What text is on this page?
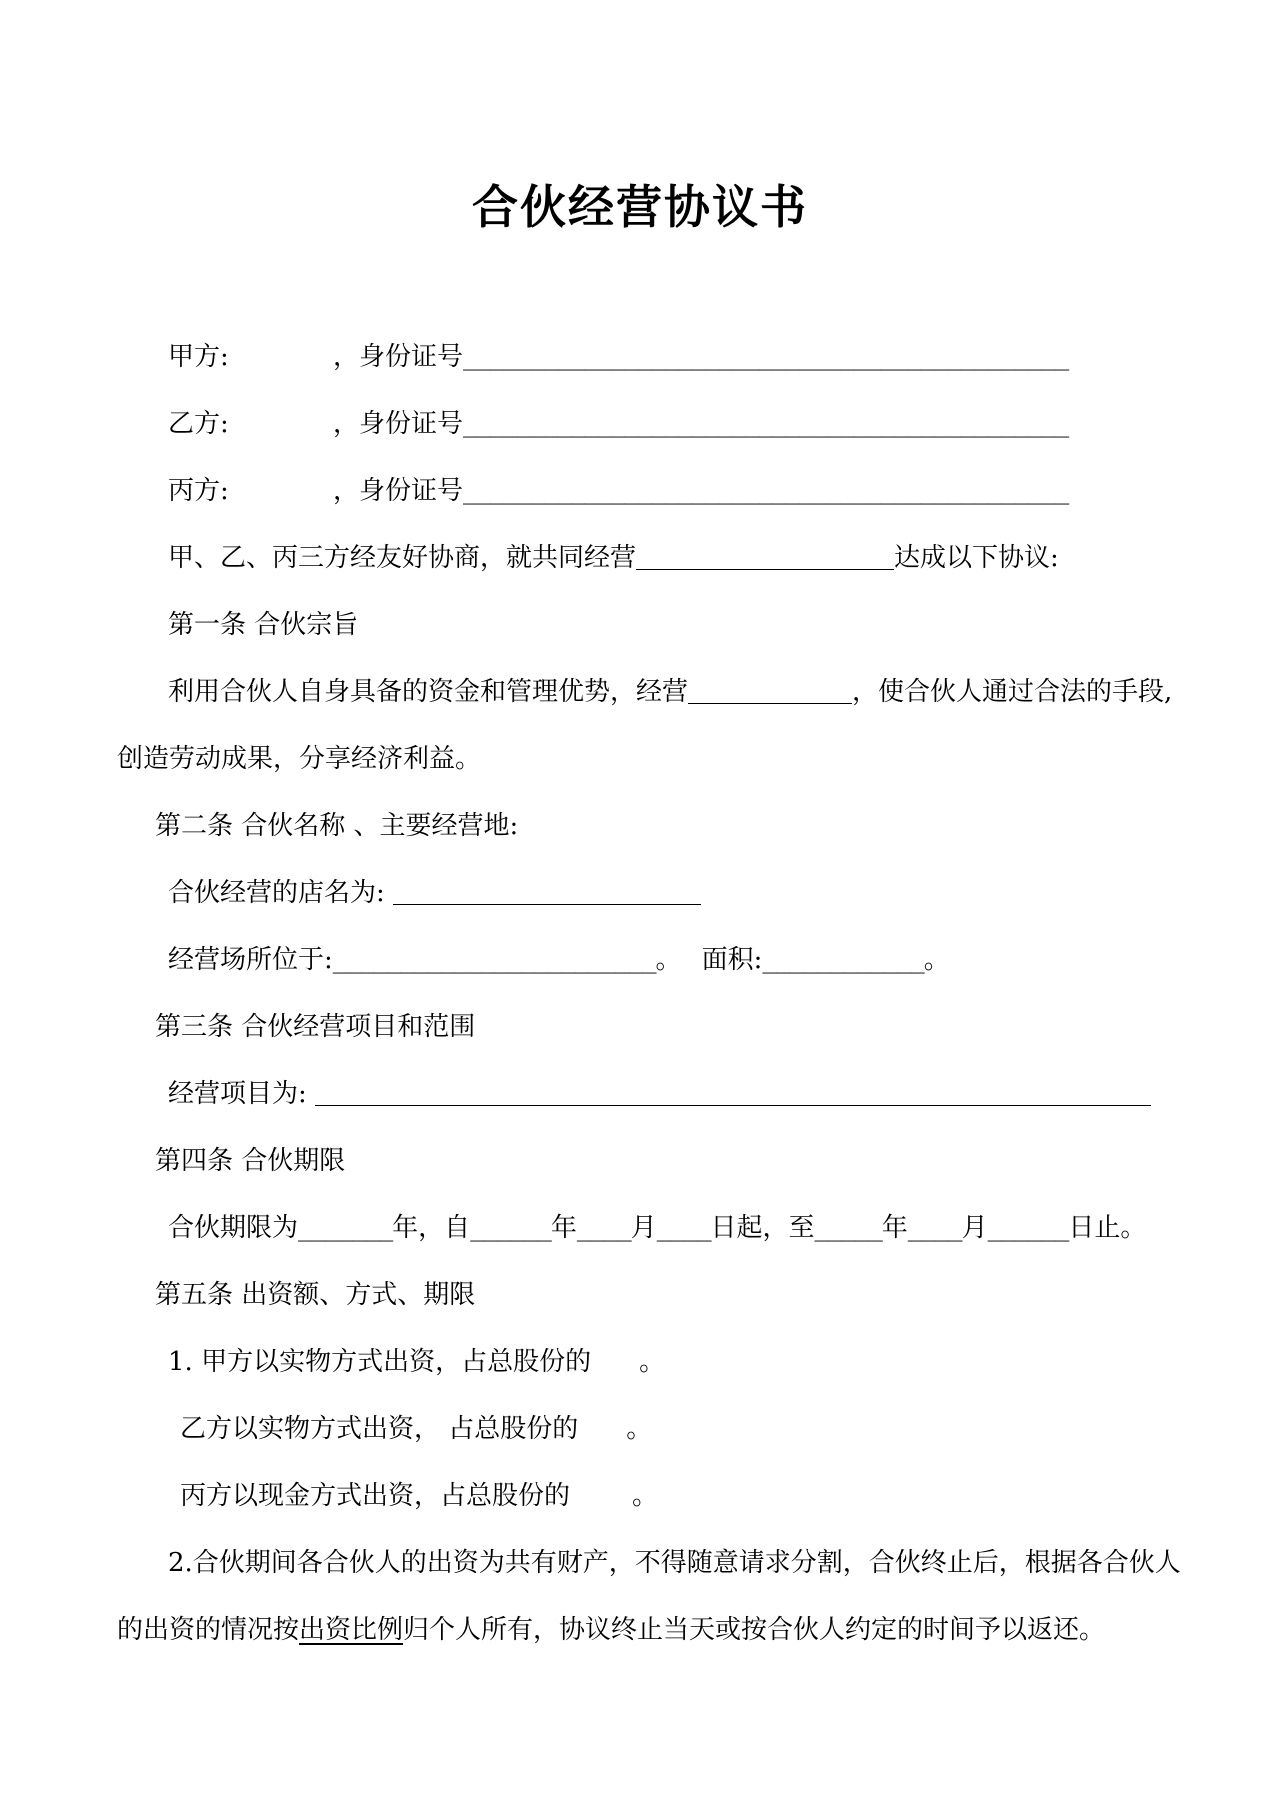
合伙经营协议书
甲方:	，身份证号_____________________________________________
乙方:	，身份证号_____________________________________________
丙方:	，身份证号_____________________________________________
甲、乙、丙三方经友好协商，就共同经营	达成以下协议:
第一条 合伙宗旨
利用合伙人自身具备的资金和管理优势，经营	，使合伙人通过合法的手段,
创造劳动成果，分享经济利益。
第二条 合伙名称 、主要经营地:
合伙经营的店名为:
经营场所位于:________________________。 面积:____________。
第三条 合伙经营项目和范围
经营项目为:
第四条 合伙期限
合伙期限为_______年，自______年____月____日起，至_____年____月______日止。
第五条 出资额、方式、期限
1. 甲方以实物方式出资，占总股份的 。
乙方以实物方式出资， 占总股份的 。
丙方以现金方式出资，占总股份的 。
2.合伙期间各合伙人的出资为共有财产，不得随意请求分割，合伙终止后，根据各合伙人
的出资的情况按出资比例归个人所有，协议终止当天或按合伙人约定的时间予以返还。
